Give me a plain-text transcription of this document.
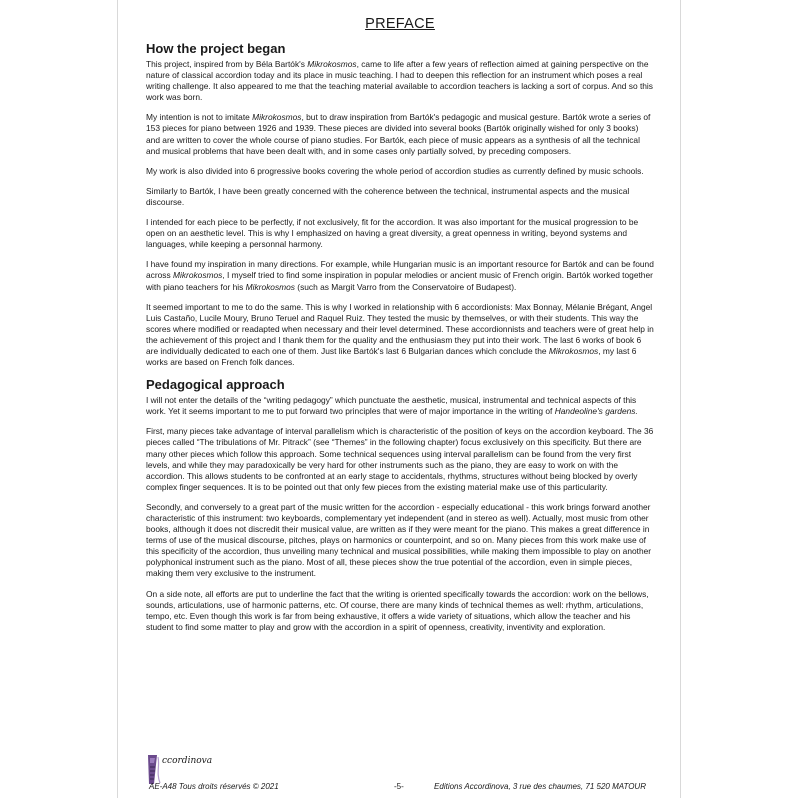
PREFACE
How the project began

This project, inspired from by Béla Bartók's Mikrokosmos, came to life after a few years of reflection aimed at gaining perspective on the nature of classical accordion today and its place in music teaching. I had to deepen this reflection for an instrument which poses a real writing challenge. It also appeared to me that the teaching material available to accordion teachers is lacking a sort of corpus. And so this work was born.

My intention is not to imitate Mikrokosmos, but to draw inspiration from Bartók's pedagogic and musical gesture. Bartók wrote a series of 153 pieces for piano between 1926 and 1939. These pieces are divided into several books (Bartók originally wished for only 3 books) and are written to cover the whole course of piano studies. For Bartók, each piece of music appears as a synthesis of all the technical and musical problems that have been dealt with, and in some cases only partially solved, by preceding composers.

My work is also divided into 6 progressive books covering the whole period of accordion studies as currently defined by music schools.

Similarly to Bartók, I have been greatly concerned with the coherence between the technical, instrumental aspects and the musical discourse.

I intended for each piece to be perfectly, if not exclusively, fit for the accordion. It was also important for the musical progression to be open on an aesthetic level. This is why I emphasized on having a great diversity, a great openness in writing, beyond systems and languages, while keeping a personnal harmony.

I have found my inspiration in many directions. For example, while Hungarian music is an important resource for Bartók and can be found across Mikrokosmos, I myself tried to find some inspiration in popular melodies or ancient music of French origin. Bartók worked together with piano teachers for his Mikrokosmos (such as Margit Varro from the Conservatoire of Budapest).

It seemed important to me to do the same. This is why I worked in relationship with 6 accordionists: Max Bonnay, Mélanie Brégant, Angel Luis Castaño, Lucile Moury, Bruno Teruel and Raquel Ruiz. They tested the music by themselves, or with their students. This way the scores where modified or readapted when necessary and their level determined. These accordionnists and teachers were of great help in the achievement of this project and I thank them for the quality and the enthusiasm they put into their work. The last 6 works of book 6 are individually dedicated to each one of them. Just like Bartók's last 6 Bulgarian dances which conclude the Mikrokosmos, my last 6 works are based on French folk dances.

Pedagogical approach

I will not enter the details of the “writing pedagogy” which punctuate the aesthetic, musical, instrumental and technical aspects of this work. Yet it seems important to me to put forward two principles that were of major importance in the writing of Handeoline's gardens.

First, many pieces take advantage of interval parallelism which is characteristic of the position of keys on the accordion keyboard. The 36 pieces called “The tribulations of Mr. Pitrack” (see “Themes” in the following chapter) focus exclusively on this specificity. But there are many other pieces which follow this approach. Some technical sequences using interval parallelism can be found from the very first levels, and while they may paradoxically be very hard for other instruments such as the piano, they are easy to work on with the accordion. This allows students to be confronted at an early stage to accidentals, rhythms, structures without being blocked by overly complex finger sequences. It is to be pointed out that only few pieces from the existing material make use of this particularity.

Secondly, and conversely to a great part of the music written for the accordion - especially educational - this work brings forward another characteristic of this instrument: two keyboards, complementary yet independent (and in stereo as well). Actually, most music from other books, although it does not discredit their musical value, are written as if they were meant for the piano. This makes a great difference in terms of use of the musical discourse, pitches, plays on harmonics or counterpoint, and so on. Many pieces from this work make use of this specificity of the accordion, thus unveiling many technical and musical possibilities, while making them impossible to play on another polyphonical instrument such as the piano. Most of all, these pieces show the true potential of the accordion, even in simple pieces, making them very exclusive to the instrument.

On a side note, all efforts are put to underline the fact that the writing is oriented specifically towards the accordion: work on the bellows, sounds, articulations, use of harmonic patterns, etc. Of course, there are many kinds of technical themes as well: rhythm, articulations, tempo, etc. Even though this work is far from being exhaustive, it offers a wide variety of situations, which allow the teacher and his student to find some matter to play and grow with the accordion in a spirit of openness, creativity, inventivity and exploration.

ccordinova
AE-A48 Tous droits réservés © 2021	-5-	Editions Accordinova, 3 rue des chaumes, 71 520 MATOUR
